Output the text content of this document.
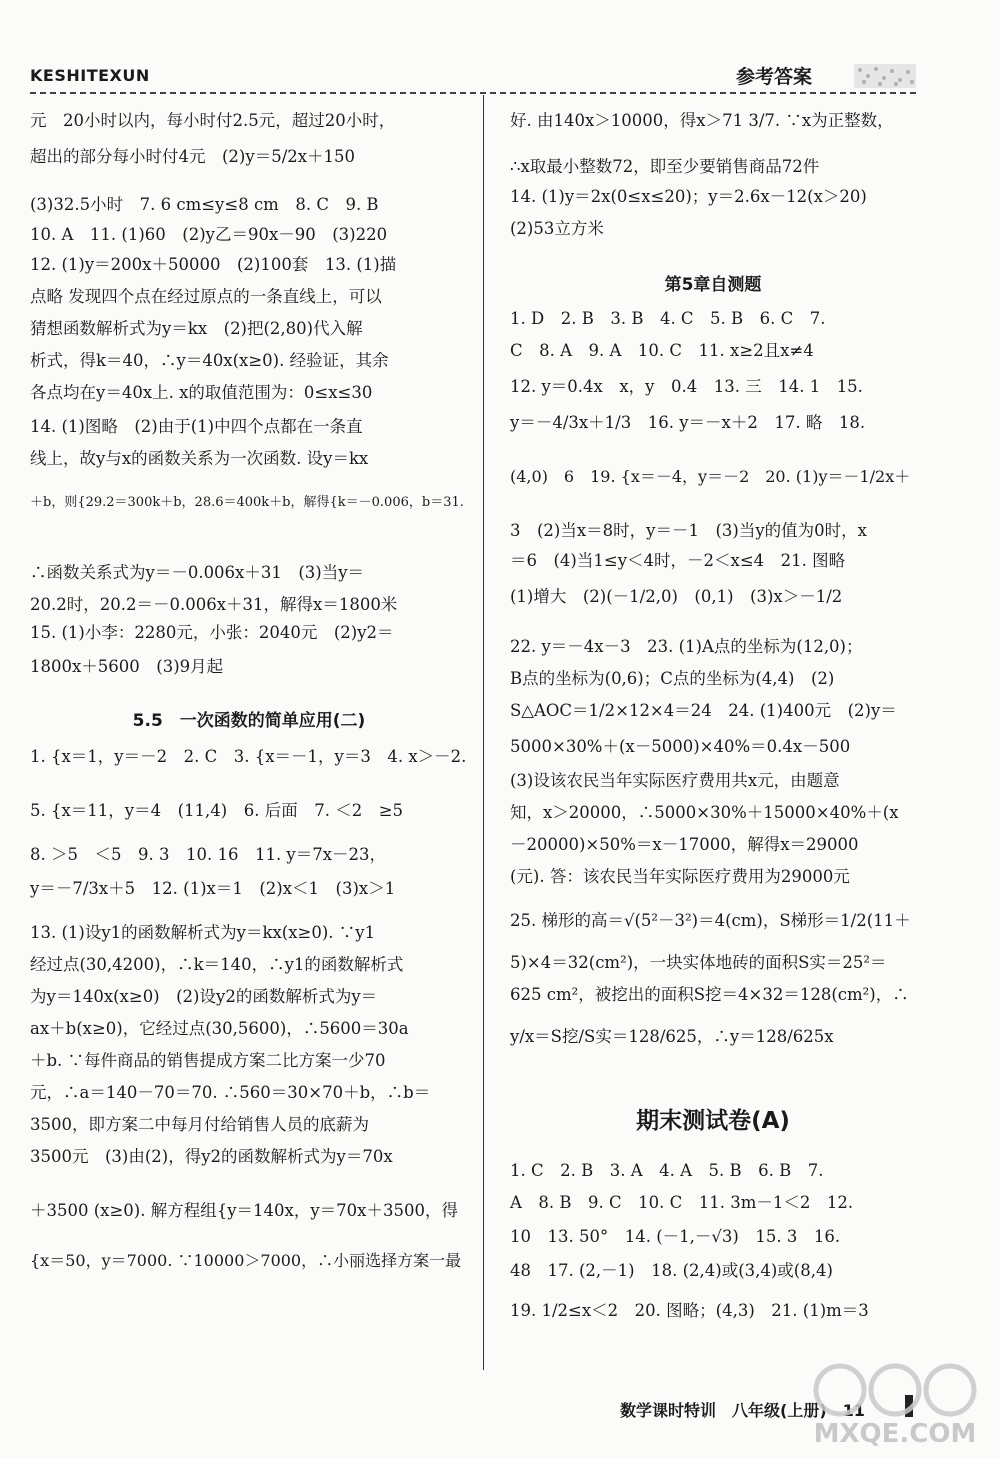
KESHITEXUN	参考答案
元　20小时以内，每小时付2.5元，超过20小时，
超出的部分每小时付4元　(2)y＝5/2x＋150
(3)32.5小时　7. 6 cm≤y≤8 cm　8. C　9. B
10. A　11. (1)60　(2)y乙＝90x－90　(3)220
12. (1)y＝200x＋50000　(2)100套　13. (1)描
点略 发现四个点在经过原点的一条直线上，可以
猜想函数解析式为y＝kx　(2)把(2,80)代入解
析式，得k＝40，∴y＝40x(x≥0). 经验证，其余
各点均在y＝40x上. x的取值范围为：0≤x≤30
14. (1)图略　(2)由于(1)中四个点都在一条直
线上，故y与x的函数关系为一次函数. 设y＝kx
＋b，则{29.2＝300k＋b，28.6＝400k＋b，解得{k＝－0.006，b＝31.
∴函数关系式为y＝－0.006x＋31　(3)当y＝
20.2时，20.2＝－0.006x＋31，解得x＝1800米
15. (1)小李：2280元，小张：2040元　(2)y2＝
1800x＋5600　(3)9月起
5.5　一次函数的简单应用(二)
1. {x＝1，y＝－2　2. C　3. {x＝－1，y＝3　4. x＞－2.
5. {x＝11，y＝4　(11,4)　6. 后面　7. ＜2　≥5
8. ＞5　＜5　9. 3　10. 16　11. y＝7x－23，
y＝－7/3x＋5　12. (1)x＝1　(2)x＜1　(3)x＞1
13. (1)设y1的函数解析式为y＝kx(x≥0). ∵y1
经过点(30,4200)，∴k＝140，∴y1的函数解析式
为y＝140x(x≥0)　(2)设y2的函数解析式为y＝
ax＋b(x≥0)，它经过点(30,5600)，∴5600＝30a
＋b. ∵每件商品的销售提成方案二比方案一少70
元，∴a＝140－70＝70. ∴560＝30×70＋b，∴b＝
3500，即方案二中每月付给销售人员的底薪为
3500元　(3)由(2)，得y2的函数解析式为y＝70x
＋3500 (x≥0). 解方程组{y＝140x，y＝70x＋3500，得
{x＝50，y＝7000. ∵10000＞7000，∴小丽选择方案一最
好. 由140x＞10000，得x＞71 3/7. ∵x为正整数，
∴x取最小整数72，即至少要销售商品72件
14. (1)y＝2x(0≤x≤20)；y＝2.6x－12(x＞20)
(2)53立方米
第5章自测题
1. D　2. B　3. B　4. C　5. B　6. C　7.
C　8. A　9. A　10. C　11. x≥2且x≠4
12. y＝0.4x　x，y　0.4　13. 三　14. 1　15.
y＝－4/3x＋1/3　16. y＝－x＋2　17. 略　18.
(4,0)　6　19. {x＝－4，y＝－2　20. (1)y＝－1/2x＋
3　(2)当x＝8时，y＝－1　(3)当y的值为0时，x
＝6　(4)当1≤y＜4时，－2＜x≤4　21. 图略
(1)增大　(2)(－1/2,0)　(0,1)　(3)x＞－1/2
22. y＝－4x－3　23. (1)A点的坐标为(12,0)；
B点的坐标为(0,6)；C点的坐标为(4,4)　(2)
S△AOC＝1/2×12×4＝24　24. (1)400元　(2)y＝
5000×30%＋(x－5000)×40%＝0.4x－500
(3)设该农民当年实际医疗费用共x元，由题意
知，x＞20000，∴5000×30%＋15000×40%＋(x
－20000)×50%＝x－17000，解得x＝29000
(元). 答：该农民当年实际医疗费用为29000元
25. 梯形的高＝√(5²－3²)＝4(cm)，S梯形＝1/2(11＋
5)×4＝32(cm²)，一块实体地砖的面积S实＝25²＝
625 cm²，被挖出的面积S挖＝4×32＝128(cm²)，∴
y/x＝S挖/S实＝128/625，∴y＝128/625x
期末测试卷(A)
1. C　2. B　3. A　4. A　5. B　6. B　7.
A　8. B　9. C　10. C　11. 3m－1＜2　12.
10　13. 50°　14. (－1,－√3)　15. 3　16.
48　17. (2,－1)　18. (2,4)或(3,4)或(8,4)
19. 1/2≤x＜2　20. 图略；(4,3)　21. (1)m＝3
数学课时特训　八年级(上册)　11
MXQE.COM
